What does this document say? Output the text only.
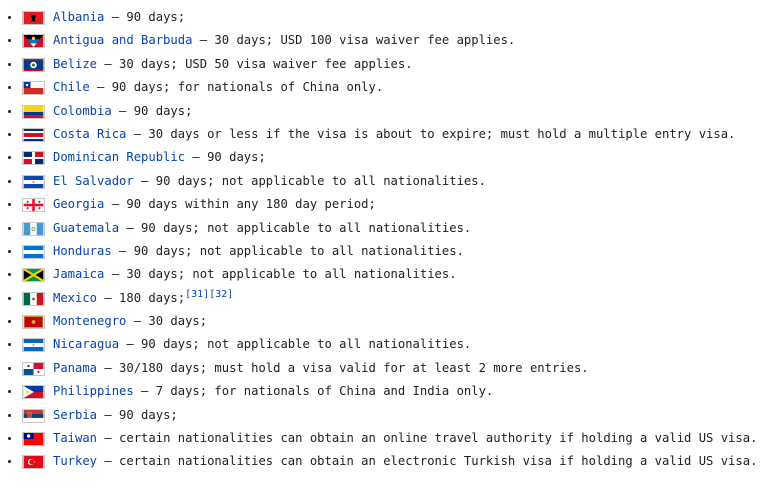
Albania — 90 days;
Antigua and Barbuda — 30 days; USD 100 visa waiver fee applies.
Belize — 30 days; USD 50 visa waiver fee applies.
Chile — 90 days; for nationals of China only.
Colombia — 90 days;
Costa Rica — 30 days or less if the visa is about to expire; must hold a multiple entry visa.
Dominican Republic — 90 days;
El Salvador — 90 days; not applicable to all nationalities.
Georgia — 90 days within any 180 day period;
Guatemala — 90 days; not applicable to all nationalities.
Honduras — 90 days; not applicable to all nationalities.
Jamaica — 30 days; not applicable to all nationalities.
Mexico — 180 days;[31][32]
Montenegro — 30 days;
Nicaragua — 90 days; not applicable to all nationalities.
Panama — 30/180 days; must hold a visa valid for at least 2 more entries.
Philippines — 7 days; for nationals of China and India only.
Serbia — 90 days;
Taiwan — certain nationalities can obtain an online travel authority if holding a valid US visa.
Turkey — certain nationalities can obtain an electronic Turkish visa if holding a valid US visa.
